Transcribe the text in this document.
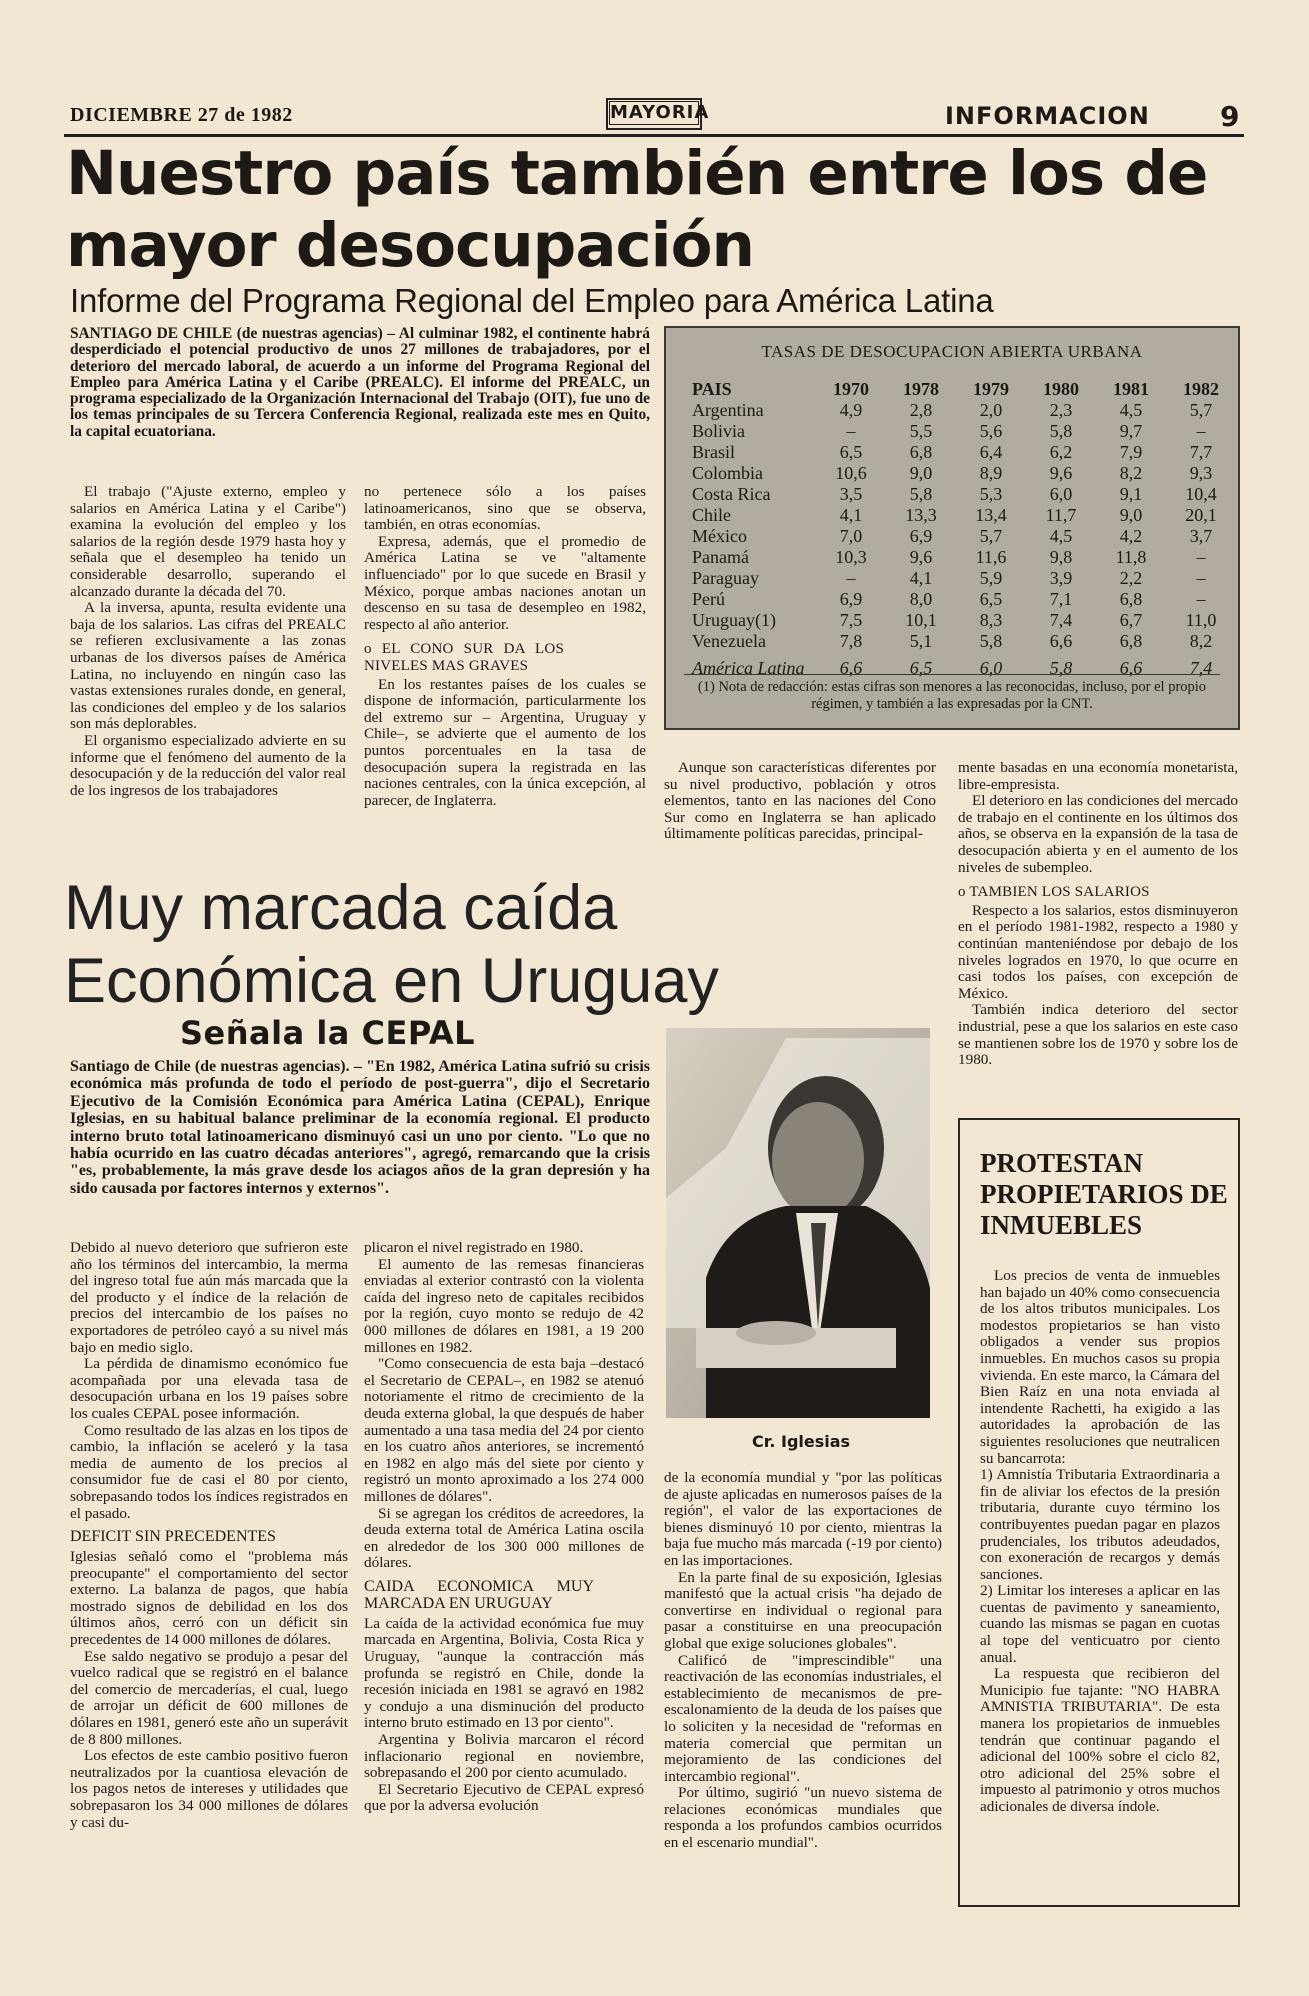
DICIEMBRE 27 de 1982	MAYORIA	INFORMACION	9
Nuestro país también entre los de mayor desocupación
Informe del Programa Regional del Empleo para América Latina
SANTIAGO DE CHILE (de nuestras agencias) – Al culminar 1982, el continente habrá desperdiciado el potencial productivo de unos 27 millones de trabajadores, por el deterioro del mercado laboral, de acuerdo a un informe del Programa Regional del Empleo para América Latina y el Caribe (PREALC). El informe del PREALC, un programa especializado de la Organización Internacional del Trabajo (OIT), fue uno de los temas principales de su Tercera Conferencia Regional, realizada este mes en Quito, la capital ecuatoriana.

El trabajo ("Ajuste externo, empleo y salarios en América Latina y el Caribe") examina la evolución del empleo y los salarios de la región desde 1979 hasta hoy y señala que el desempleo ha tenido un considerable desarrollo, superando el alcanzado durante la década del 70.

A la inversa, apunta, resulta evidente una baja de los salarios. Las cifras del PREALC se refieren exclusivamente a las zonas urbanas de los diversos países de América Latina, no incluyendo en ningún caso las vastas extensiones rurales donde, en general, las condiciones del empleo y de los salarios son más deplorables.

El organismo especializado advierte en su informe que el fenómeno del aumento de la desocupación y de la reducción del valor real de los ingresos de los trabajadores

no pertenece sólo a los países latinoamericanos, sino que se observa, también, en otras economías.

Expresa, además, que el promedio de América Latina se ve "altamente influenciado" por lo que sucede en Brasil y México, porque ambas naciones anotan un descenso en su tasa de desempleo en 1982, respecto al año anterior.

o EL CONO SUR DA LOS NIVELES MAS GRAVES

En los restantes países de los cuales se dispone de información, particularmente los del extremo sur – Argentina, Uruguay y Chile–, se advierte que el aumento de los puntos porcentuales en la tasa de desocupación supera la registrada en las naciones centrales, con la única excepción, al parecer, de Inglaterra.

Aunque son características diferentes por su nivel productivo, población y otros elementos, tanto en las naciones del Cono Sur como en Inglaterra se han aplicado últimamente políticas parecidas, principal-

mente basadas en una economía monetarista, libre-empresista.

El deterioro en las condiciones del mercado de trabajo en el continente en los últimos dos años, se observa en la expansión de la tasa de desocupación abierta y en el aumento de los niveles de subempleo.

o TAMBIEN LOS SALARIOS

Respecto a los salarios, estos disminuyeron en el período 1981-1982, respecto a 1980 y continúan manteniéndose por debajo de los niveles logrados en 1970, lo que ocurre en casi todos los países, con excepción de México.

También indica deterioro del sector industrial, pese a que los salarios en este caso se mantienen sobre los de 1970 y sobre los de 1980.

TASAS DE DESOCUPACION ABIERTA URBANA
PAIS	1970	1978	1979	1980	1981	1982
Argentina	4,9	2,8	2,0	2,3	4,5	5,7
Bolivia	–	5,5	5,6	5,8	9,7	–
Brasil	6,5	6,8	6,4	6,2	7,9	7,7
Colombia	10,6	9,0	8,9	9,6	8,2	9,3
Costa Rica	3,5	5,8	5,3	6,0	9,1	10,4
Chile	4,1	13,3	13,4	11,7	9,0	20,1
México	7,0	6,9	5,7	4,5	4,2	3,7
Panamá	10,3	9,6	11,6	9,8	11,8	–
Paraguay	–	4,1	5,9	3,9	2,2	–
Perú	6,9	8,0	6,5	7,1	6,8	–
Uruguay(1)	7,5	10,1	8,3	7,4	6,7	11,0
Venezuela	7,8	5,1	5,8	6,6	6,8	8,2
América Latina	6,6	6,5	6,0	5,8	6,6	7,4
(1) Nota de redacción: estas cifras son menores a las reconocidas, incluso, por el propio régimen, y también a las expresadas por la CNT.
Muy marcada caída
Económica en Uruguay
Señala la CEPAL
Santiago de Chile (de nuestras agencias). – "En 1982, América Latina sufrió su crisis económica más profunda de todo el período de post-guerra", dijo el Secretario Ejecutivo de la Comisión Económica para América Latina (CEPAL), Enrique Iglesias, en su habitual balance preliminar de la economía regional. El producto interno bruto total latinoamericano disminuyó casi un uno por ciento. "Lo que no había ocurrido en las cuatro décadas anteriores", agregó, remarcando que la crisis "es, probablemente, la más grave desde los aciagos años de la gran depresión y ha sido causada por factores internos y externos".
Cr. Iglesias

Debido al nuevo deterioro que sufrieron este año los términos del intercambio, la merma del ingreso total fue aún más marcada que la del producto y el índice de la relación de precios del intercambio de los países no exportadores de petróleo cayó a su nivel más bajo en medio siglo.

La pérdida de dinamismo económico fue acompañada por una elevada tasa de desocupación urbana en los 19 países sobre los cuales CEPAL posee información.

Como resultado de las alzas en los tipos de cambio, la inflación se aceleró y la tasa media de aumento de los precios al consumidor fue de casi el 80 por ciento, sobrepasando todos los índices registrados en el pasado.

DEFICIT SIN PRECEDENTES

Iglesias señaló como el "problema más preocupante" el comportamiento del sector externo. La balanza de pagos, que había mostrado signos de debilidad en los dos últimos años, cerró con un déficit sin precedentes de 14 000 millones de dólares.

Ese saldo negativo se produjo a pesar del vuelco radical que se registró en el balance del comercio de mercaderías, el cual, luego de arrojar un déficit de 600 millones de dólares en 1981, generó este año un superávit de 8 800 millones.

Los efectos de este cambio positivo fueron neutralizados por la cuantiosa elevación de los pagos netos de intereses y utilidades que sobrepasaron los 34 000 millones de dólares y casi du-

plicaron el nivel registrado en 1980.

El aumento de las remesas financieras enviadas al exterior contrastó con la violenta caída del ingreso neto de capitales recibidos por la región, cuyo monto se redujo de 42 000 millones de dólares en 1981, a 19 200 millones en 1982.

"Como consecuencia de esta baja –destacó el Secretario de CEPAL–, en 1982 se atenuó notoriamente el ritmo de crecimiento de la deuda externa global, la que después de haber aumentado a una tasa media del 24 por ciento en los cuatro años anteriores, se incrementó en 1982 en algo más del siete por ciento y registró un monto aproximado a los 274 000 millones de dólares".

Si se agregan los créditos de acreedores, la deuda externa total de América Latina oscila en alrededor de los 300 000 millones de dólares.

CAIDA ECONOMICA MUY MARCADA EN URUGUAY

La caída de la actividad económica fue muy marcada en Argentina, Bolivia, Costa Rica y Uruguay, "aunque la contracción más profunda se registró en Chile, donde la recesión iniciada en 1981 se agravó en 1982 y condujo a una disminución del producto interno bruto estimado en 13 por ciento".

Argentina y Bolivia marcaron el récord inflacionario regional en noviembre, sobrepasando el 200 por ciento acumulado.

El Secretario Ejecutivo de CEPAL expresó que por la adversa evolución

de la economía mundial y "por las políticas de ajuste aplicadas en numerosos países de la región", el valor de las exportaciones de bienes disminuyó 10 por ciento, mientras la baja fue mucho más marcada (-19 por ciento) en las importaciones.

En la parte final de su exposición, Iglesias manifestó que la actual crisis "ha dejado de convertirse en individual o regional para pasar a constituirse en una preocupación global que exige soluciones globales".

Calificó de "imprescindible" una reactivación de las economías industriales, el establecimiento de mecanismos de pre-escalonamiento de la deuda de los países que lo soliciten y la necesidad de "reformas en materia comercial que permitan un mejoramiento de las condiciones del intercambio regional".

Por último, sugirió "un nuevo sistema de relaciones económicas mundiales que responda a los profundos cambios ocurridos en el escenario mundial".

PROTESTAN PROPIETARIOS DE INMUEBLES

Los precios de venta de inmuebles han bajado un 40% como consecuencia de los altos tributos municipales. Los modestos propietarios se han visto obligados a vender sus propios inmuebles. En muchos casos su propia vivienda. En este marco, la Cámara del Bien Raíz en una nota enviada al intendente Rachetti, ha exigido a las autoridades la aprobación de las siguientes resoluciones que neutralicen su bancarrota:

1) Amnistía Tributaria Extraordinaria a fin de aliviar los efectos de la presión tributaria, durante cuyo término los contribuyentes puedan pagar en plazos prudenciales, los tributos adeudados, con exoneración de recargos y demás sanciones.

2) Limitar los intereses a aplicar en las cuentas de pavimento y saneamiento, cuando las mismas se pagan en cuotas al tope del venticuatro por ciento anual.

La respuesta que recibieron del Municipio fue tajante: "NO HABRA AMNISTIA TRIBUTARIA". De esta manera los propietarios de inmuebles tendrán que continuar pagando el adicional del 100% sobre el ciclo 82, otro adicional del 25% sobre el impuesto al patrimonio y otros muchos adicionales de diversa índole.
